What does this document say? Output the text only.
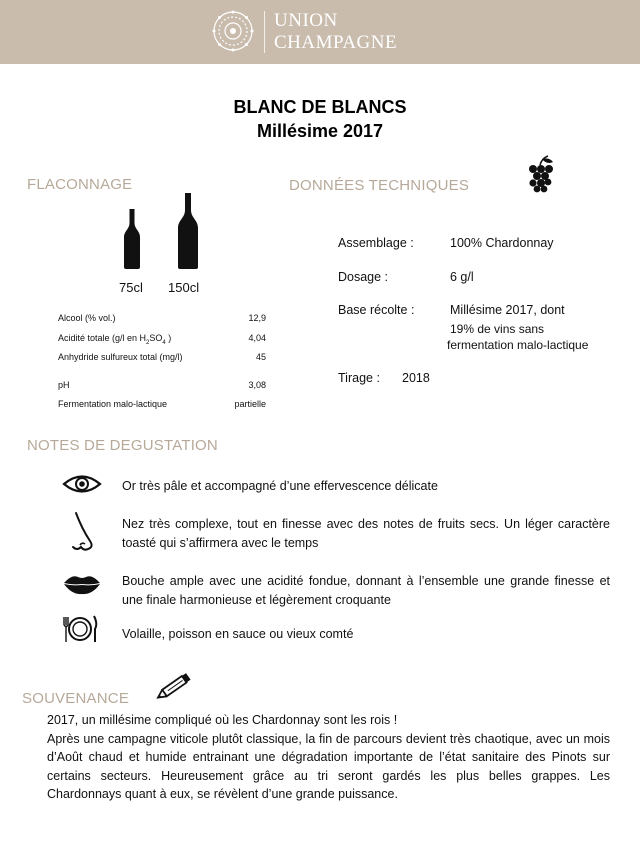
UNION
CHAMPAGNE
BLANC DE BLANCS
Millésime 2017
FLACONNAGE
75cl 150cl
Alcool (% vol.)	12,9
Acidité totale (g/l en $H_2SO_4$ )	4,04
Anhydride sulfureux total (mg/l)	45
pH	3,08
Fermentation malo-lactique	partielle
DONNÉES TECHNIQUES
Assemblage :	100% Chardonnay
Dosage :	6 g/l
Base récolte :	Millésime 2017, dont
19% de vins sans
fermentation malo-lactique
Tirage : 2018
NOTES DE DEGUSTATION
Or très pâle et accompagné d’une effervescence délicate
Nez très complexe, tout en finesse avec des notes de fruits secs. Un léger caractère toasté qui s’affirmera avec le temps
Bouche ample avec une acidité fondue, donnant à l’ensemble une grande finesse et une finale harmonieuse et légèrement croquante
Volaille, poisson en sauce ou vieux comté
SOUVENANCE

2017, un millésime compliqué où les Chardonnay sont les rois !

Après une campagne viticole plutôt classique, la fin de parcours devient très chaotique, avec un mois d’Août chaud et humide entrainant une dégradation importante de l’état sanitaire des Pinots sur certains secteurs. Heureusement grâce au tri seront gardés les plus belles grappes. Les Chardonnays quant à eux, se révèlent d’une grande puissance.
